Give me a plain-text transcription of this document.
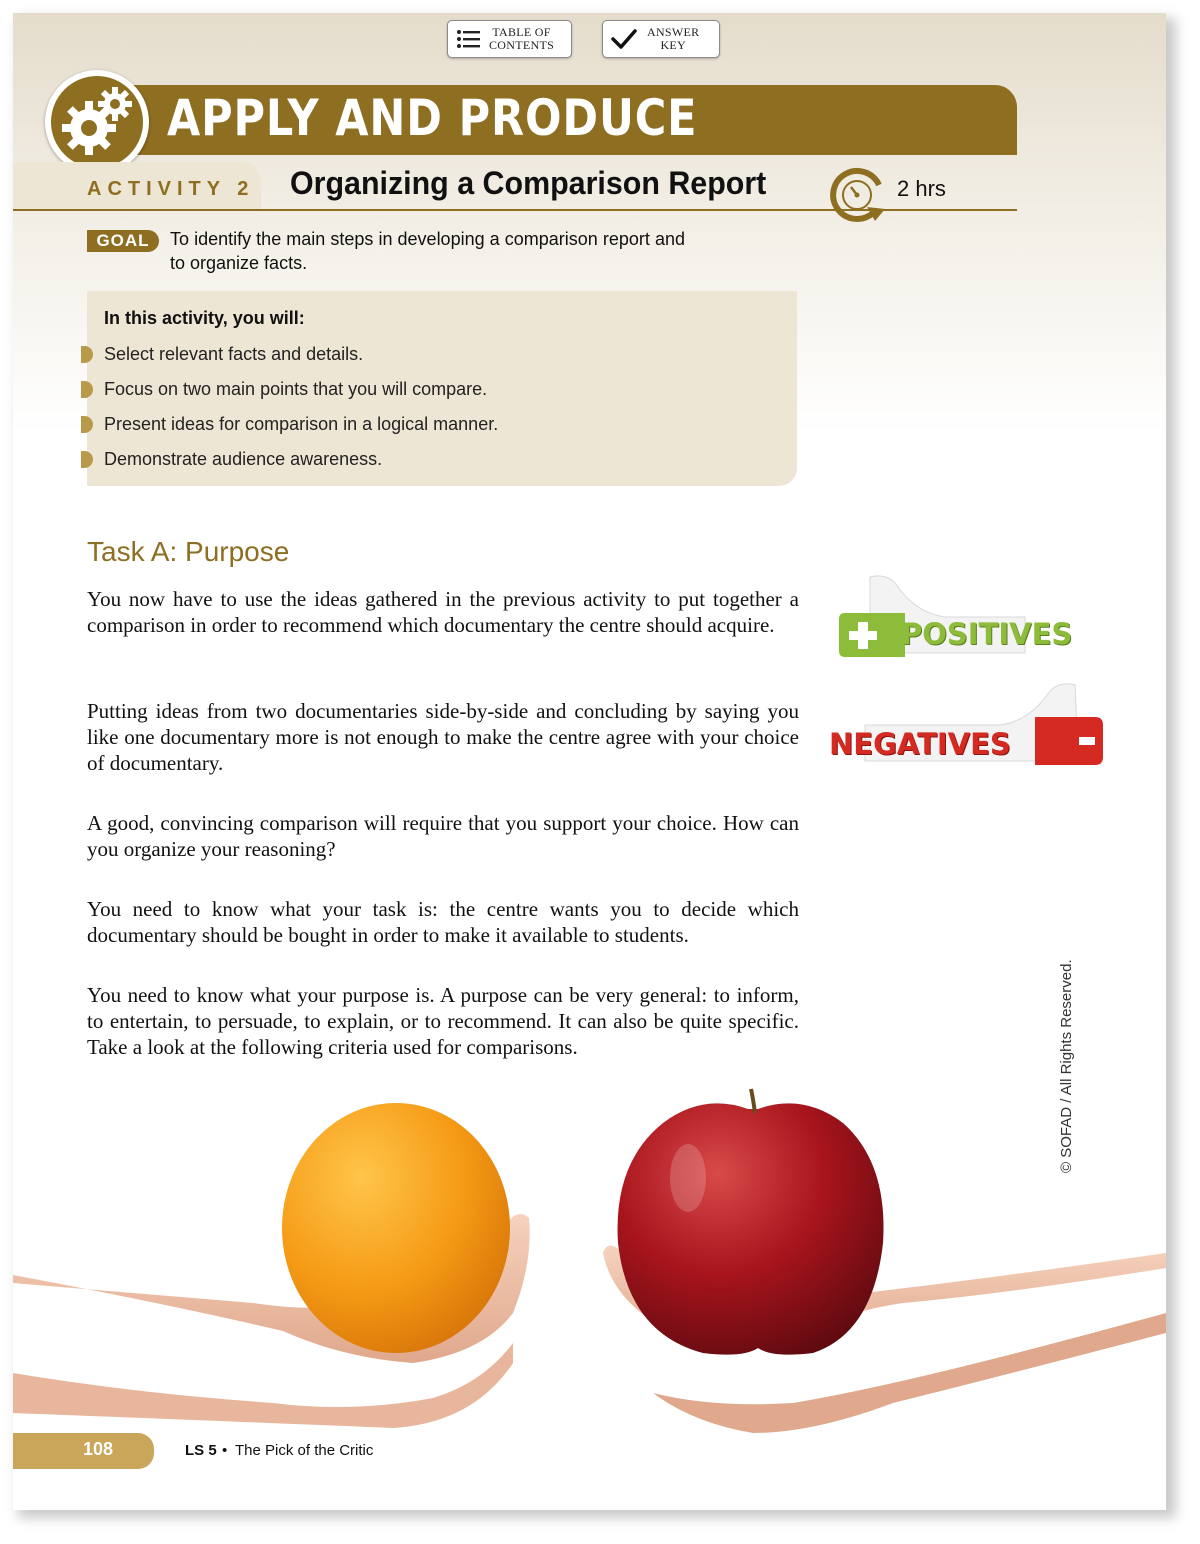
TABLE OF
CONTENTS
ANSWER
KEY
APPLY AND PRODUCE
ACTIVITY 2 Organizing a Comparison Report	2 hrs
GOAL	To identify the main steps in developing a comparison report and to organize facts.
In this activity, you will:
Select relevant facts and details.
Focus on two main points that you will compare.
Present ideas for comparison in a logical manner.
Demonstrate audience awareness.
Task A: Purpose
You now have to use the ideas gathered in the previous activity to put together a comparison in order to recommend which documentary the centre should acquire.
Putting ideas from two documentaries side-by-side and concluding by saying you like one documentary more is not enough to make the centre agree with your choice of documentary.
A good, convincing comparison will require that you support your choice. How can you organize your reasoning?
You need to know what your task is: the centre wants you to decide which documentary should be bought in order to make it available to students.
You need to know what your purpose is. A purpose can be very general: to inform, to entertain, to persuade, to explain, or to recommend. It can also be quite specific. Take a look at the following criteria used for comparisons.
POSITIVES
NEGATIVES
© SOFAD / All Rights Reserved.
108	LS 5 • The Pick of the Critic
